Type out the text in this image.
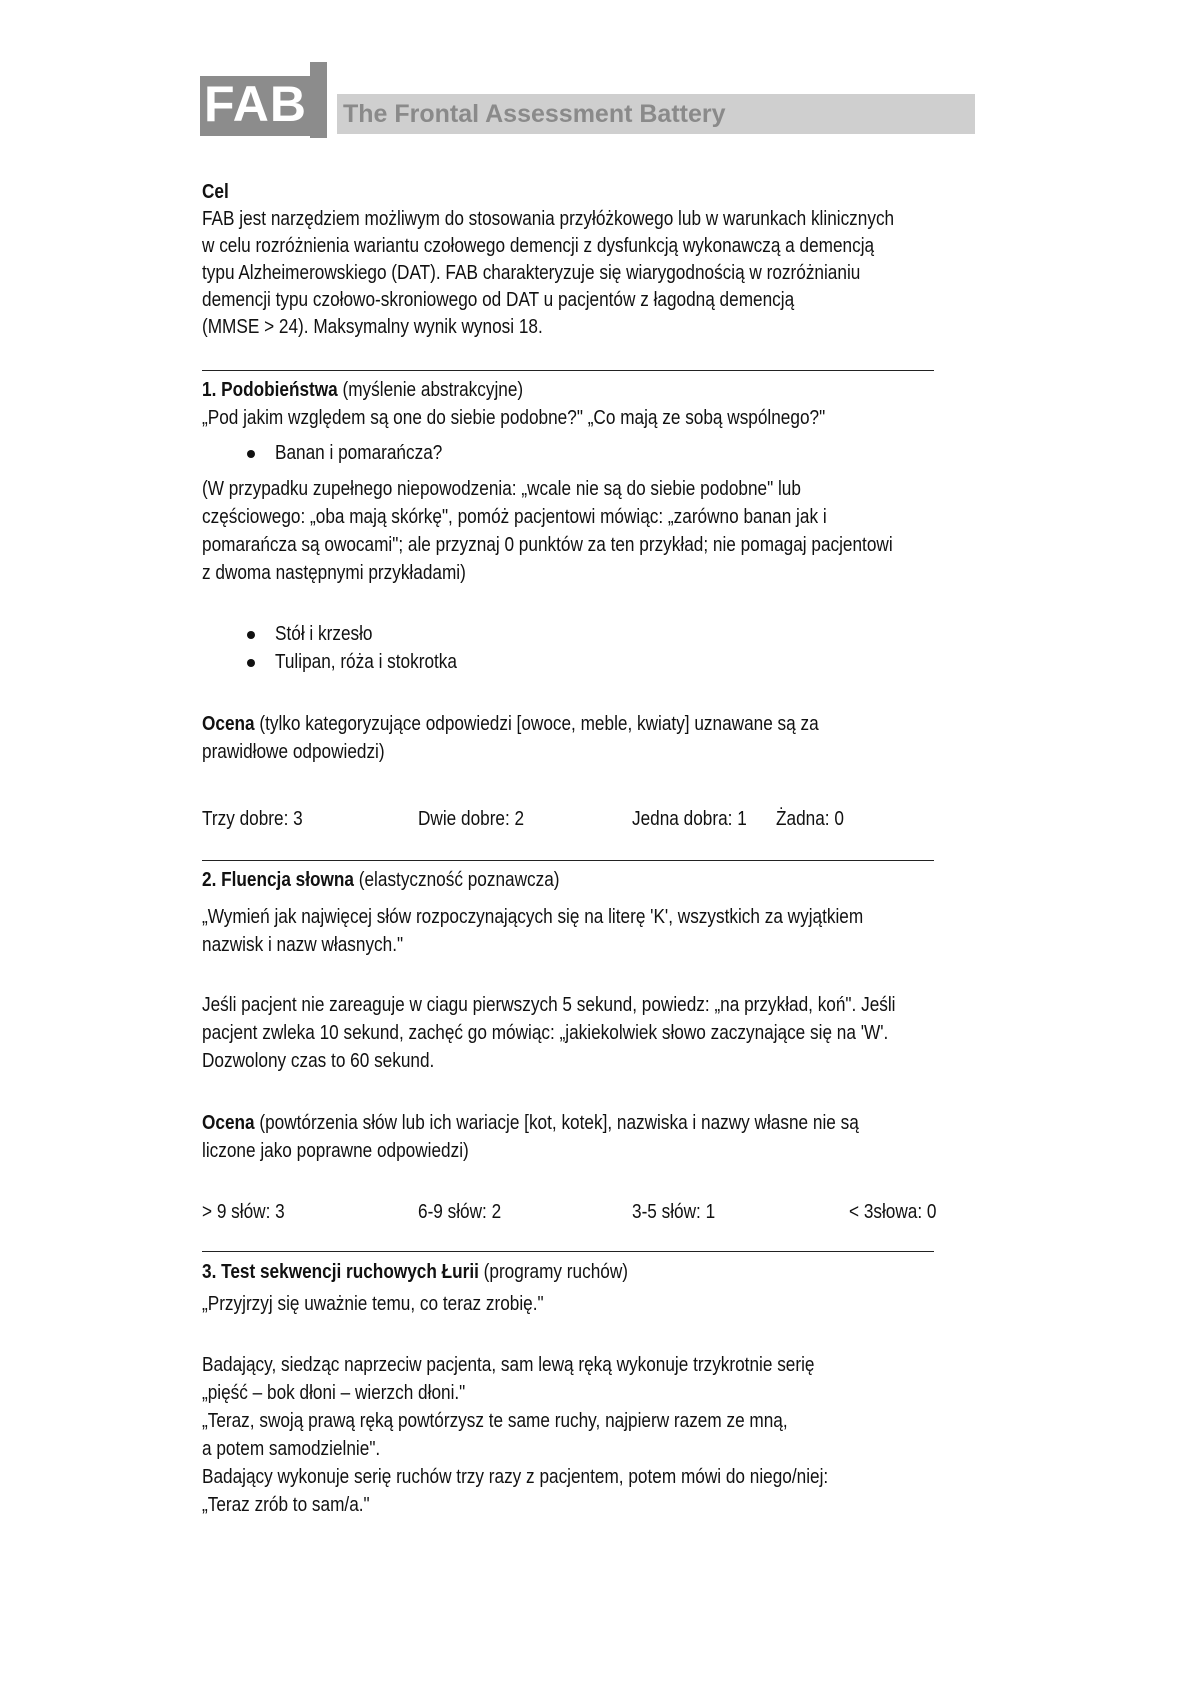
FAB The Frontal Assessment Battery
Cel
FAB jest narzędziem możliwym do stosowania przyłóżkowego lub w warunkach klinicznych
w celu rozróżnienia wariantu czołowego demencji z dysfunkcją wykonawczą a demencją
typu Alzheimerowskiego (DAT). FAB charakteryzuje się wiarygodnością w rozróżnianiu
demencji typu czołowo-skroniowego od DAT u pacjentów z łagodną demencją
(MMSE > 24). Maksymalny wynik wynosi 18.
1. Podobieństwa (myślenie abstrakcyjne)
„Pod jakim względem są one do siebie podobne?" „Co mają ze sobą wspólnego?"
Banan i pomarańcza?
(W przypadku zupełnego niepowodzenia: „wcale nie są do siebie podobne" lub
częściowego: „oba mają skórkę", pomóż pacjentowi mówiąc: „zarówno banan jak i
pomarańcza są owocami"; ale przyznaj 0 punktów za ten przykład; nie pomagaj pacjentowi
z dwoma następnymi przykładami)
Stół i krzesło
Tulipan, róża i stokrotka
Ocena (tylko kategoryzujące odpowiedzi [owoce, meble, kwiaty] uznawane są za
prawidłowe odpowiedzi)
Trzy dobre: 3	Dwie dobre: 2	Jedna dobra: 1	Żadna: 0
2. Fluencja słowna (elastyczność poznawcza)
„Wymień jak najwięcej słów rozpoczynających się na literę 'K', wszystkich za wyjątkiem
nazwisk i nazw własnych."
Jeśli pacjent nie zareaguje w ciagu pierwszych 5 sekund, powiedz: „na przykład, koń". Jeśli
pacjent zwleka 10 sekund, zachęć go mówiąc: „jakiekolwiek słowo zaczynające się na 'W'.
Dozwolony czas to 60 sekund.
Ocena (powtórzenia słów lub ich wariacje [kot, kotek], nazwiska i nazwy własne nie są
liczone jako poprawne odpowiedzi)
> 9 słów: 3	6-9 słów: 2	3-5 słów: 1	< 3słowa: 0
3. Test sekwencji ruchowych Łurii (programy ruchów)
„Przyjrzyj się uważnie temu, co teraz zrobię."
Badający, siedząc naprzeciw pacjenta, sam lewą ręką wykonuje trzykrotnie serię
„pięść – bok dłoni – wierzch dłoni."
„Teraz, swoją prawą ręką powtórzysz te same ruchy, najpierw razem ze mną,
a potem samodzielnie".
Badający wykonuje serię ruchów trzy razy z pacjentem, potem mówi do niego/niej:
„Teraz zrób to sam/a."
